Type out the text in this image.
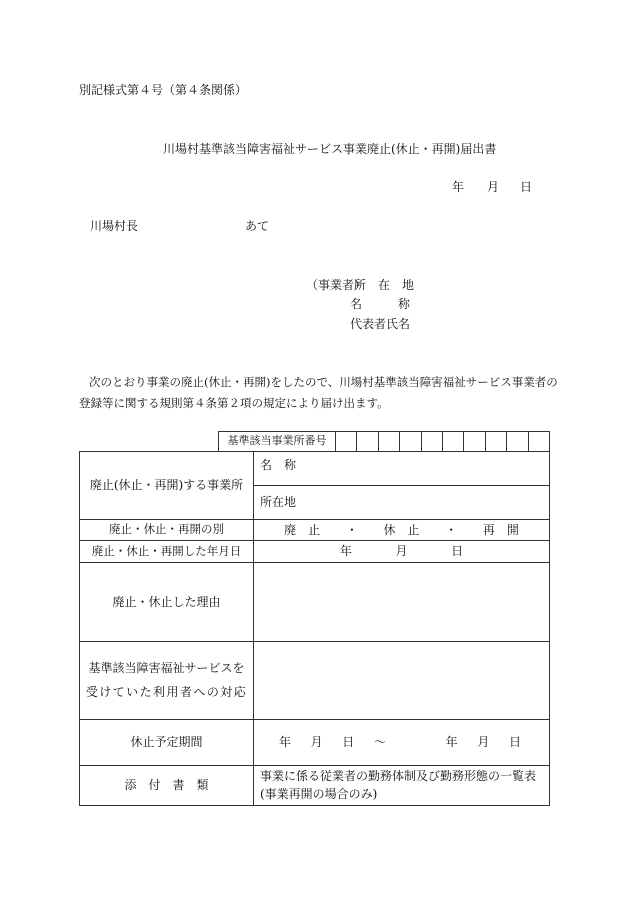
別記様式第４号（第４条関係）
川場村基準該当障害福祉サービス事業廃止(休止・再開)届出書
年 月 日
川場村長	あて
（事業者）
所　在　地
名　　　称
代表者氏名
次のとおり事業の廃止(休止・再開)をしたので、川場村基準該当障害福祉サービス事業者の
登録等に関する規則第４条第２項の規定により届け出ます。
基準該当事業所番号										
廃止(休止・再開)する事業所	名　称
	所在地
廃止・休止・再開の別	廃　止 ・ 休　止 ・ 再　開
廃止・休止・再開した年月日	年 月 日
廃止・休止した理由	

基準該当障害福祉サービスを
受けていた利用者への対応	

休止予定期間	年 月 日 ～ 年 月 日
添　付　書　類	事業に係る従業者の勤務体制及び勤務形態の一覧表
(事業再開の場合のみ)
